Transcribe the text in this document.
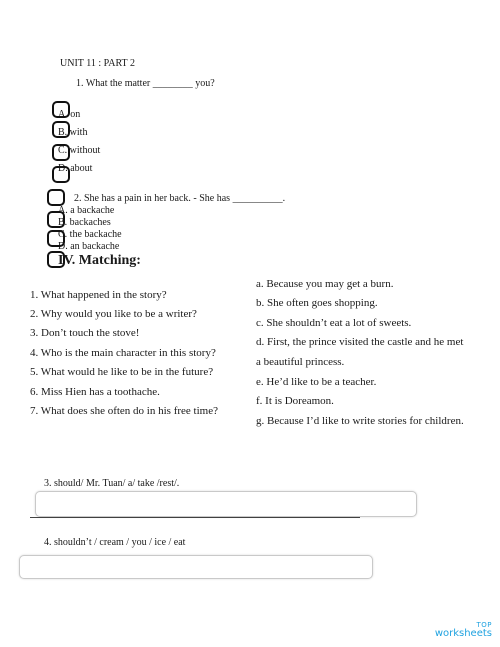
UNIT 11 : PART 2
1. What the matter ________ you?
A. on
B. with
C. without
D. about
2. She has a pain in her back. - She has __________.
A. a backache
B. backaches
C. the backache
D. an backache
IV. Matching:
1. What happened in the story?
2. Why would you like to be a writer?
3. Don’t touch the stove!
4. Who is the main character in this story?
5. What would he like to be in the future?
6. Miss Hien has a toothache.
7. What does she often do in his free time?
a. Because you may get a burn.
b. She often goes shopping.
c. She shouldn’t eat a lot of sweets.
d. First, the prince visited the castle and he met
a beautiful princess.
e. He’d like to be a teacher.
f. It is Doreamon.
g. Because I’d like to write stories for children.
3. should/ Mr. Tuan/ a/ take /rest/.
4. shouldn’t / cream / you / ice / eat
TOP
worksheets
